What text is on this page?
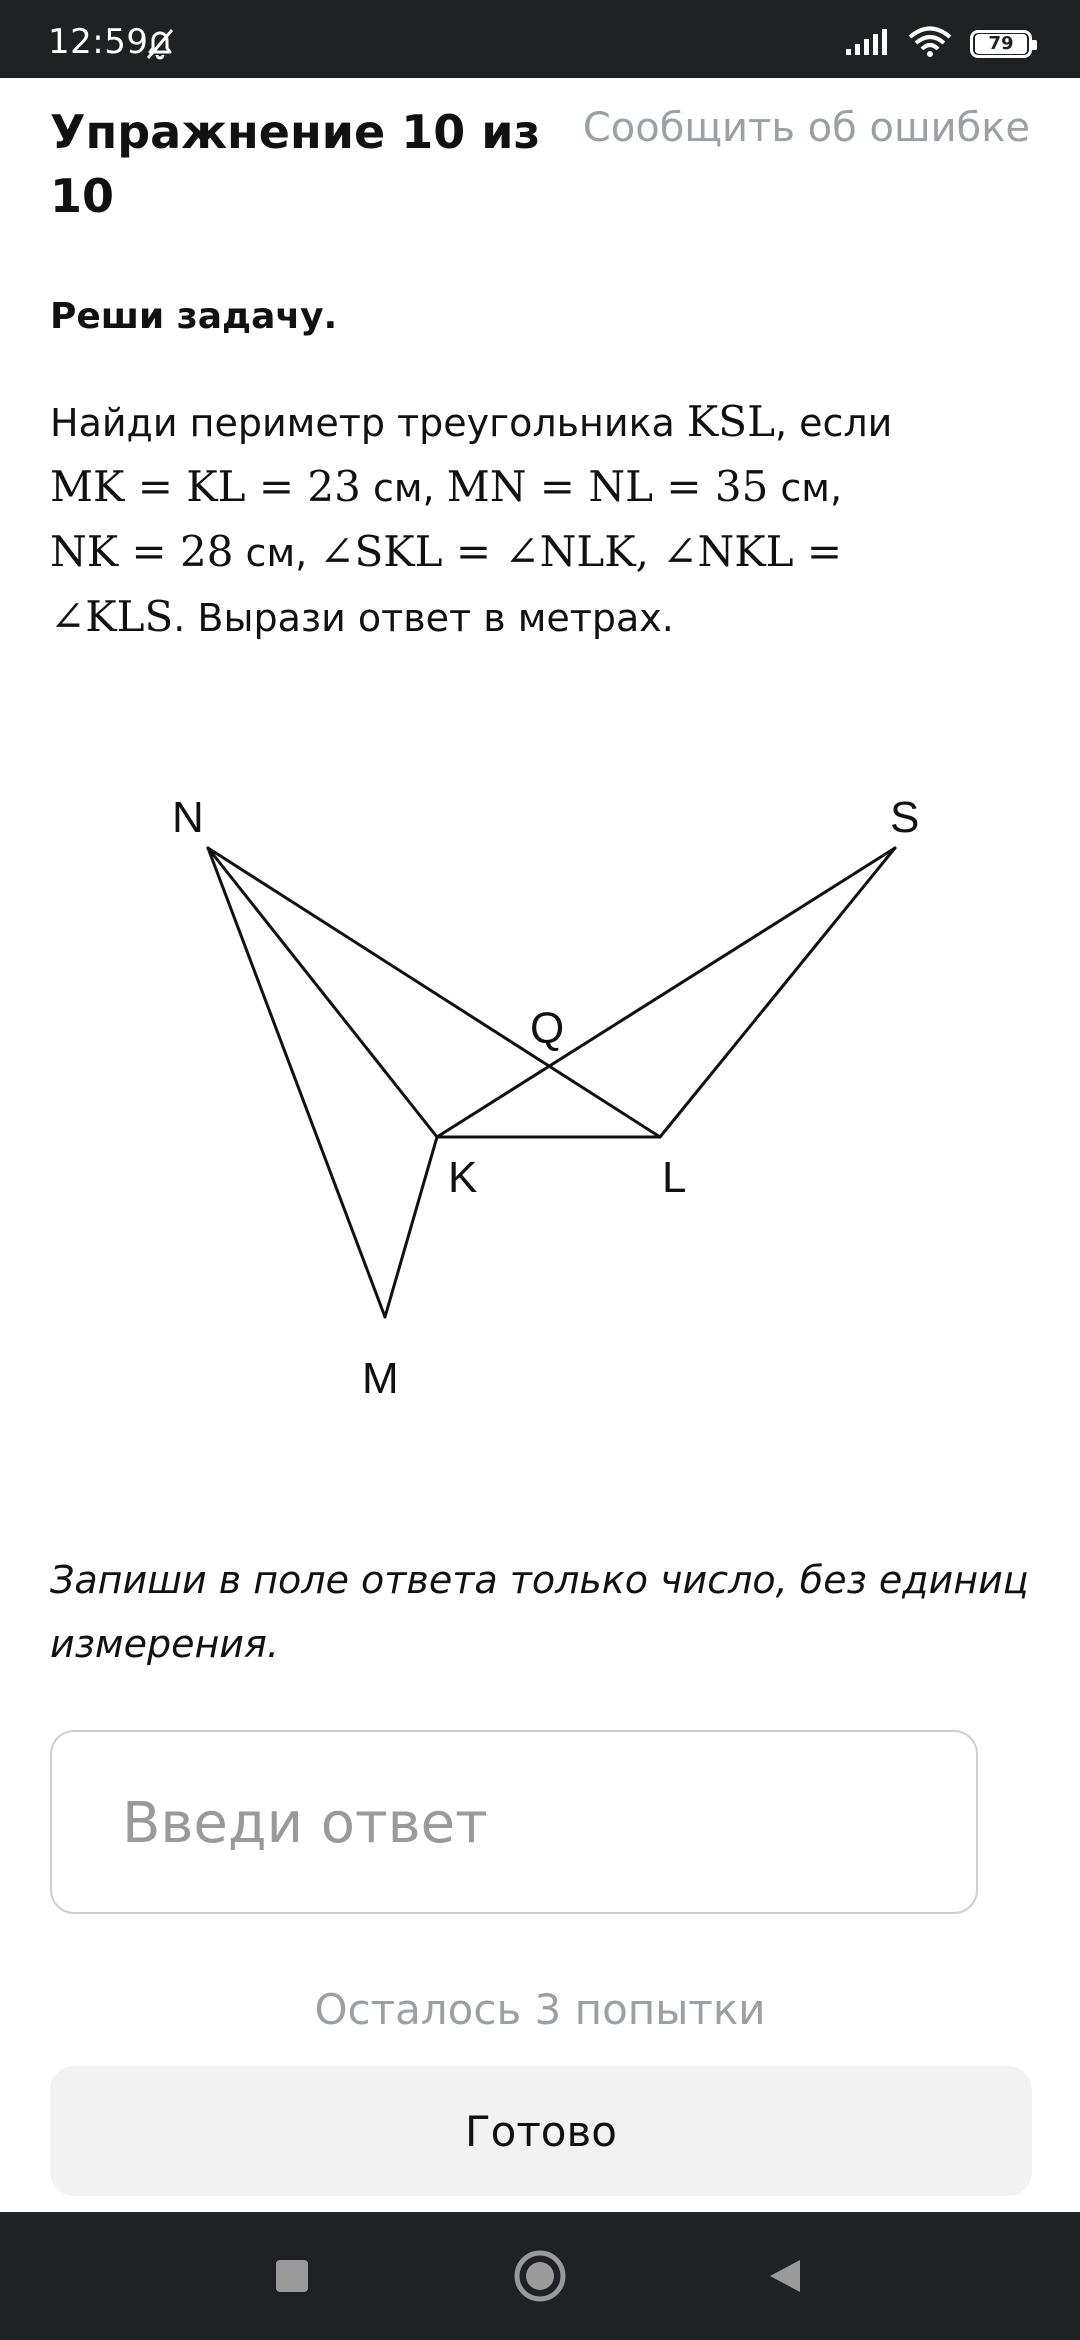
12:59	79
Упражнение 10 из 10
Сообщить об ошибке
Реши задачу.
Найди периметр треугольника KSL, если
MK = KL = 23 см, MN = NL = 35 см,
NK = 28 см, ∠SKL = ∠NLK, ∠NKL =
∠KLS. Вырази ответ в метрах.
N	S
Q
K	L
M
Запиши в поле ответа только число, без единиц измерения.
Введи ответ
Осталось 3 попытки
Готово
